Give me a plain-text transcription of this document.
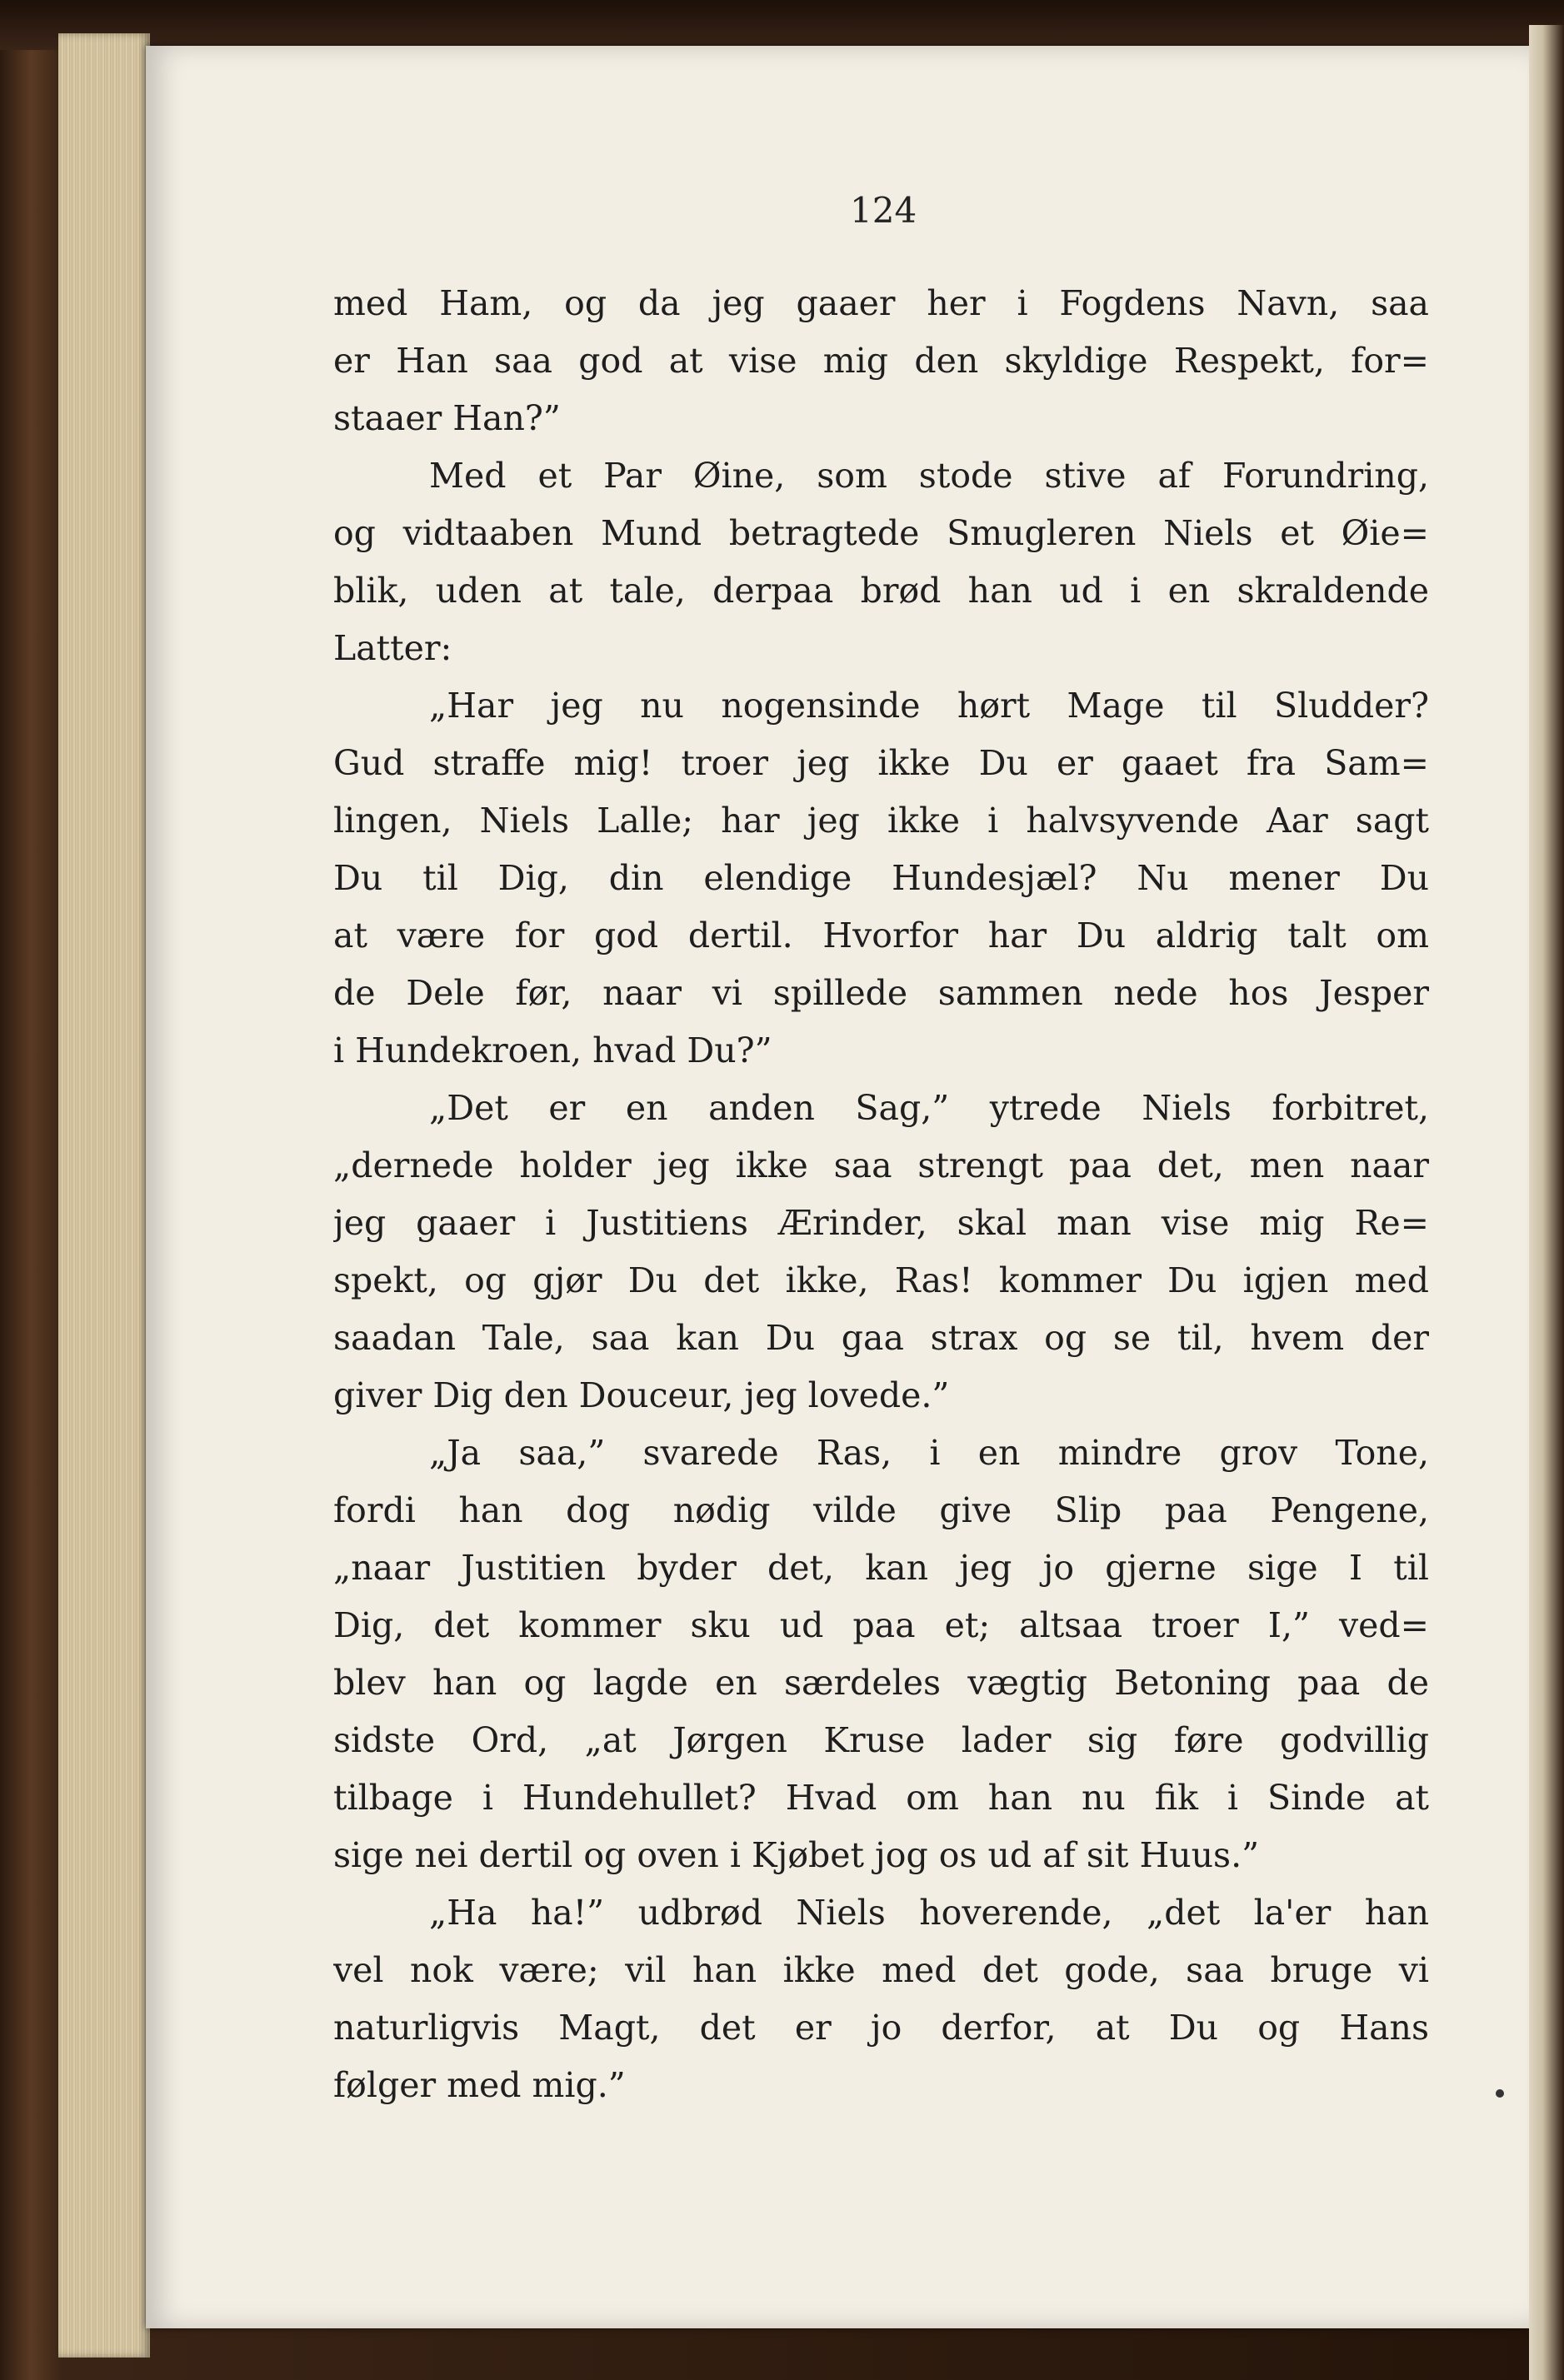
124
med Ham, og da jeg gaaer her i Fogdens Navn, saa
er Han saa god at vise mig den skyldige Respekt, for=
staaer Han?”
Med et Par Øine, som stode stive af Forundring,
og vidtaaben Mund betragtede Smugleren Niels et Øie=
blik, uden at tale, derpaa brød han ud i en skraldende
Latter:
„Har jeg nu nogensinde hørt Mage til Sludder?
Gud straffe mig! troer jeg ikke Du er gaaet fra Sam=
lingen, Niels Lalle; har jeg ikke i halvsyvende Aar sagt
Du til Dig, din elendige Hundesjæl? Nu mener Du
at være for god dertil. Hvorfor har Du aldrig talt om
de Dele før, naar vi spillede sammen nede hos Jesper
i Hundekroen, hvad Du?”
„Det er en anden Sag,” ytrede Niels forbitret,
„dernede holder jeg ikke saa strengt paa det, men naar
jeg gaaer i Justitiens Ærinder, skal man vise mig Re=
spekt, og gjør Du det ikke, Ras! kommer Du igjen med
saadan Tale, saa kan Du gaa strax og se til, hvem der
giver Dig den Douceur, jeg lovede.”
„Ja saa,” svarede Ras, i en mindre grov Tone,
fordi han dog nødig vilde give Slip paa Pengene,
„naar Justitien byder det, kan jeg jo gjerne sige I til
Dig, det kommer sku ud paa et; altsaa troer I,” ved=
blev han og lagde en særdeles vægtig Betoning paa de
sidste Ord, „at Jørgen Kruse lader sig føre godvillig
tilbage i Hundehullet? Hvad om han nu fik i Sinde at
sige nei dertil og oven i Kjøbet jog os ud af sit Huus.”
„Ha ha!” udbrød Niels hoverende, „det la'er han
vel nok være; vil han ikke med det gode, saa bruge vi
naturligvis Magt, det er jo derfor, at Du og Hans
følger med mig.”
